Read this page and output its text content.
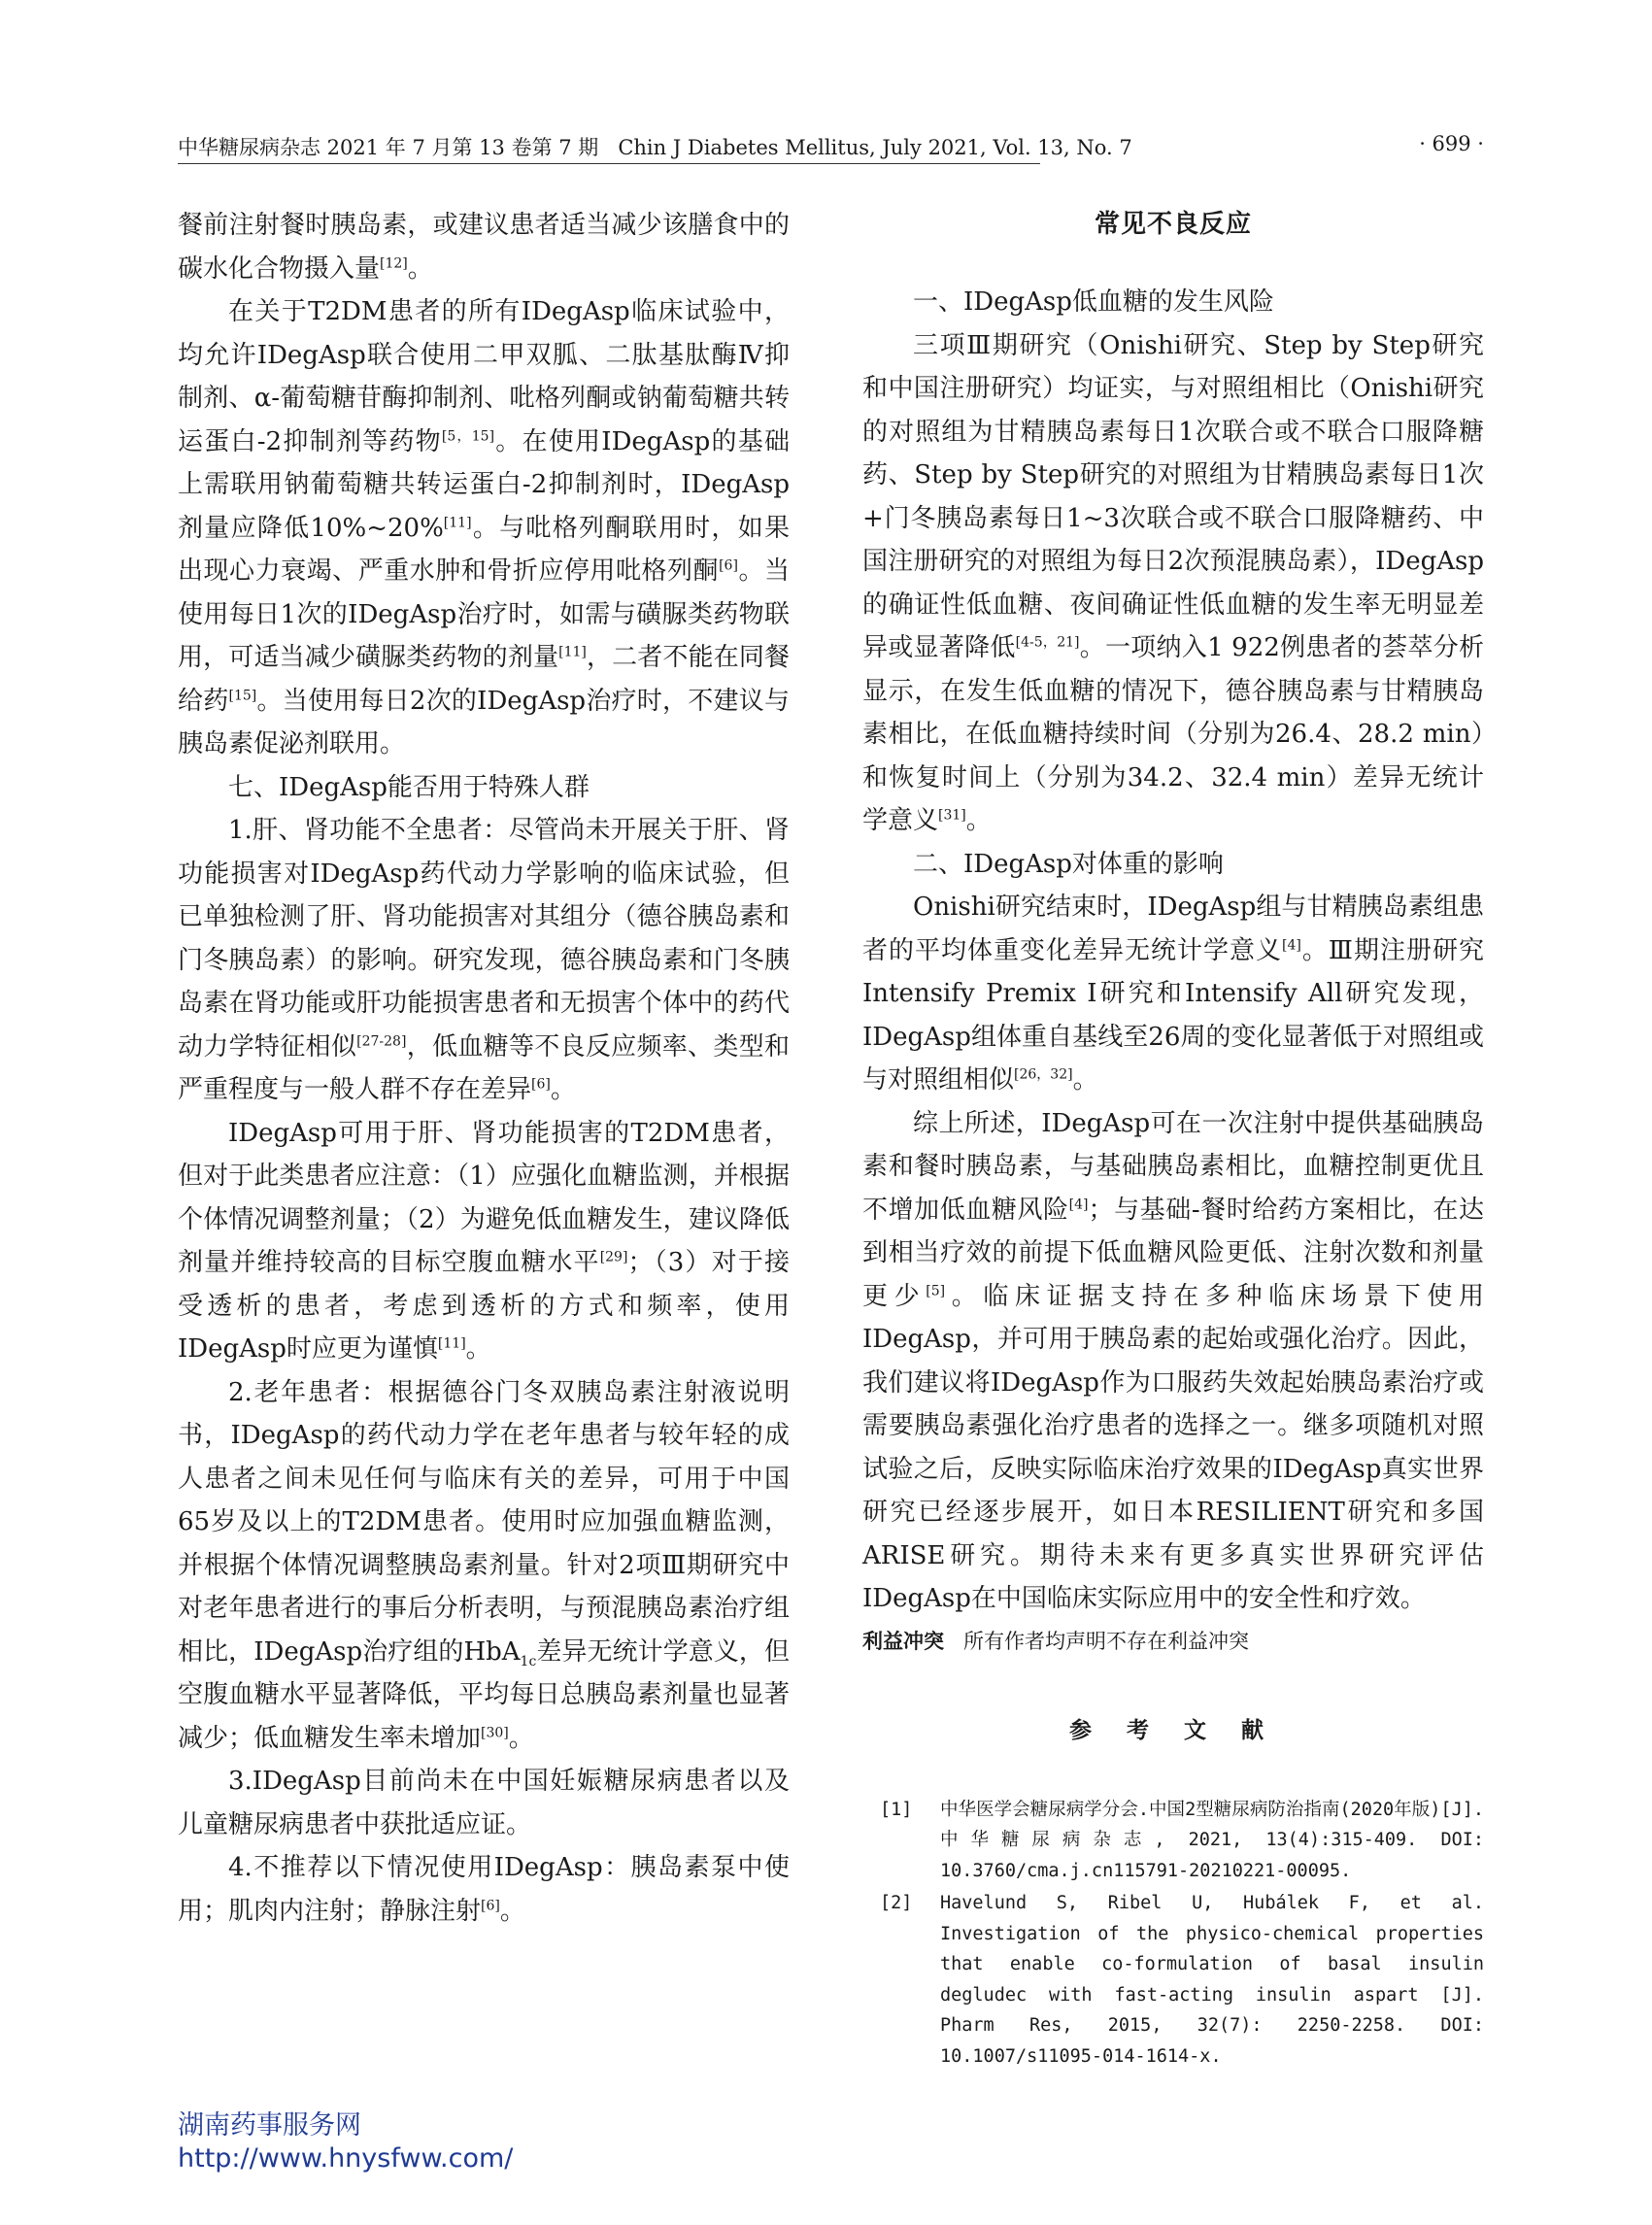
中华糖尿病杂志 2021 年 7 月第 13 卷第 7 期 Chin J Diabetes Mellitus, July 2021, Vol. 13, No. 7	· 699 ·

餐前注射餐时胰岛素，或建议患者适当减少该膳食中的碳水化合物摄入量[12]。

在关于T2DM患者的所有IDegAsp临床试验中，均允许IDegAsp联合使用二甲双胍、二肽基肽酶Ⅳ抑制剂、α-葡萄糖苷酶抑制剂、吡格列酮或钠葡萄糖共转运蛋白-2抑制剂等药物[5，15]。在使用IDegAsp的基础上需联用钠葡萄糖共转运蛋白-2抑制剂时，IDegAsp剂量应降低10%~20%[11]。与吡格列酮联用时，如果出现心力衰竭、严重水肿和骨折应停用吡格列酮[6]。当使用每日1次的IDegAsp治疗时，如需与磺脲类药物联用，可适当减少磺脲类药物的剂量[11]，二者不能在同餐给药[15]。当使用每日2次的IDegAsp治疗时，不建议与胰岛素促泌剂联用。

七、IDegAsp能否用于特殊人群

1.肝、肾功能不全患者：尽管尚未开展关于肝、肾功能损害对IDegAsp药代动力学影响的临床试验，但已单独检测了肝、肾功能损害对其组分（德谷胰岛素和门冬胰岛素）的影响。研究发现，德谷胰岛素和门冬胰岛素在肾功能或肝功能损害患者和无损害个体中的药代动力学特征相似[27-28]，低血糖等不良反应频率、类型和严重程度与一般人群不存在差异[6]。

IDegAsp可用于肝、肾功能损害的T2DM患者，但对于此类患者应注意：（1）应强化血糖监测，并根据个体情况调整剂量；（2）为避免低血糖发生，建议降低剂量并维持较高的目标空腹血糖水平[29]；（3）对于接受透析的患者，考虑到透析的方式和频率，使用IDegAsp时应更为谨慎[11]。

2.老年患者：根据德谷门冬双胰岛素注射液说明书，IDegAsp的药代动力学在老年患者与较年轻的成人患者之间未见任何与临床有关的差异，可用于中国65岁及以上的T2DM患者。使用时应加强血糖监测，并根据个体情况调整胰岛素剂量。针对2项Ⅲ期研究中对老年患者进行的事后分析表明，与预混胰岛素治疗组相比，IDegAsp治疗组的HbA$_{1c}$差异无统计学意义，但空腹血糖水平显著降低，平均每日总胰岛素剂量也显著减少；低血糖发生率未增加[30]。

3.IDegAsp目前尚未在中国妊娠糖尿病患者以及儿童糖尿病患者中获批适应证。

4.不推荐以下情况使用IDegAsp：胰岛素泵中使用；肌肉内注射；静脉注射[6]。

常见不良反应

一、IDegAsp低血糖的发生风险

三项Ⅲ期研究（Onishi研究、Step by Step研究和中国注册研究）均证实，与对照组相比（Onishi研究的对照组为甘精胰岛素每日1次联合或不联合口服降糖药、Step by Step研究的对照组为甘精胰岛素每日1次+门冬胰岛素每日1~3次联合或不联合口服降糖药、中国注册研究的对照组为每日2次预混胰岛素），IDegAsp的确证性低血糖、夜间确证性低血糖的发生率无明显差异或显著降低[4-5，21]。一项纳入1 922例患者的荟萃分析显示，在发生低血糖的情况下，德谷胰岛素与甘精胰岛素相比，在低血糖持续时间（分别为26.4、28.2 min）和恢复时间上（分别为34.2、32.4 min）差异无统计学意义[31]。

二、IDegAsp对体重的影响

Onishi研究结束时，IDegAsp组与甘精胰岛素组患者的平均体重变化差异无统计学意义[4]。Ⅲ期注册研究Intensify Premix Ⅰ研究和Intensify All研究发现，IDegAsp组体重自基线至26周的变化显著低于对照组或与对照组相似[26，32]。

综上所述，IDegAsp可在一次注射中提供基础胰岛素和餐时胰岛素，与基础胰岛素相比，血糖控制更优且不增加低血糖风险[4]；与基础-餐时给药方案相比，在达到相当疗效的前提下低血糖风险更低、注射次数和剂量更少[5]。临床证据支持在多种临床场景下使用IDegAsp，并可用于胰岛素的起始或强化治疗。因此，我们建议将IDegAsp作为口服药失效起始胰岛素治疗或需要胰岛素强化治疗患者的选择之一。继多项随机对照试验之后，反映实际临床治疗效果的IDegAsp真实世界研究已经逐步展开，如日本RESILIENT研究和多国ARISE研究。期待未来有更多真实世界研究评估IDegAsp在中国临床实际应用中的安全性和疗效。

利益冲突 所有作者均声明不存在利益冲突
参 考 文 献
[1] 中华医学会糖尿病学分会.中国2型糖尿病防治指南(2020年版)[J]. 中华糖尿病杂志, 2021, 13(4):315-409. DOI: 10.3760/cma.j.cn115791-20210221-00095.
[2] Havelund S, Ribel U, Hubálek F, et al. Investigation of the physico-chemical properties that enable co-formulation of basal insulin degludec with fast-acting insulin aspart [J]. Pharm Res, 2015, 32(7): 2250-2258. DOI: 10.1007/s11095-014-1614-x.
湖南药事服务网
http://www.hnysfww.com/
